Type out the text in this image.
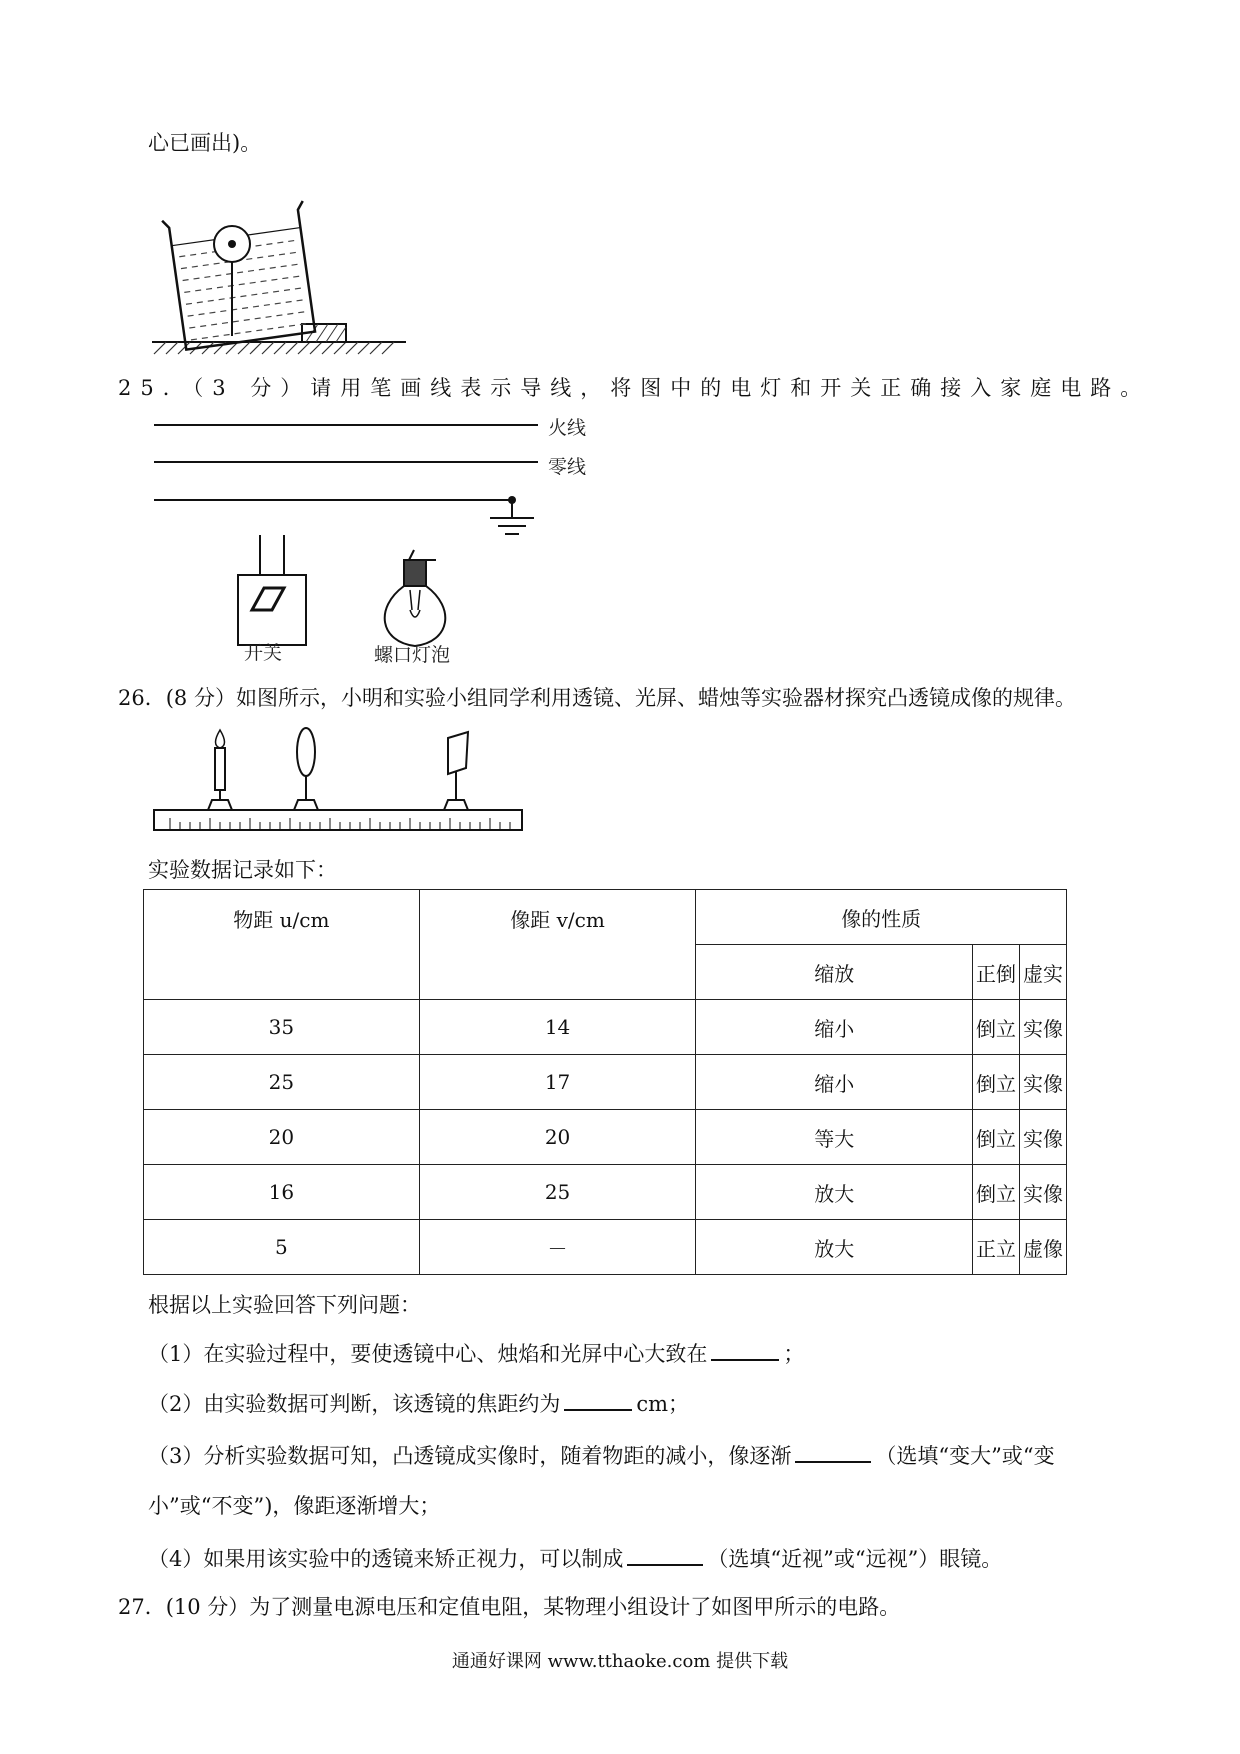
心已画出)。
25．（3 分）请用笔画线表示导线，将图中的电灯和开关正确接入家庭电路。
火线
零线
开关	螺口灯泡
26．(8 分）如图所示，小明和实验小组同学利用透镜、光屏、蜡烛等实验器材探究凸透镜成像的规律。
实验数据记录如下：
物距 u/cm	像距 v/cm	像的性质		
		缩放	正倒	虚实
35	14	缩小	倒立	实像
25	17	缩小	倒立	实像
20	20	等大	倒立	实像
16	25	放大	倒立	实像
5	－	放大	正立	虚像
根据以上实验回答下列问题：
（1）在实验过程中，要使透镜中心、烛焰和光屏中心大致在	；
（2）由实验数据可判断，该透镜的焦距约为	cm；
（3）分析实验数据可知，凸透镜成实像时，随着物距的减小，像逐渐	（选填“变大”或“变
小”或“不变”)，像距逐渐增大；
（4）如果用该实验中的透镜来矫正视力，可以制成	（选填“近视”或“远视”）眼镜。
27．(10 分）为了测量电源电压和定值电阻，某物理小组设计了如图甲所示的电路。
通通好课网 www.tthaoke.com 提供下载
